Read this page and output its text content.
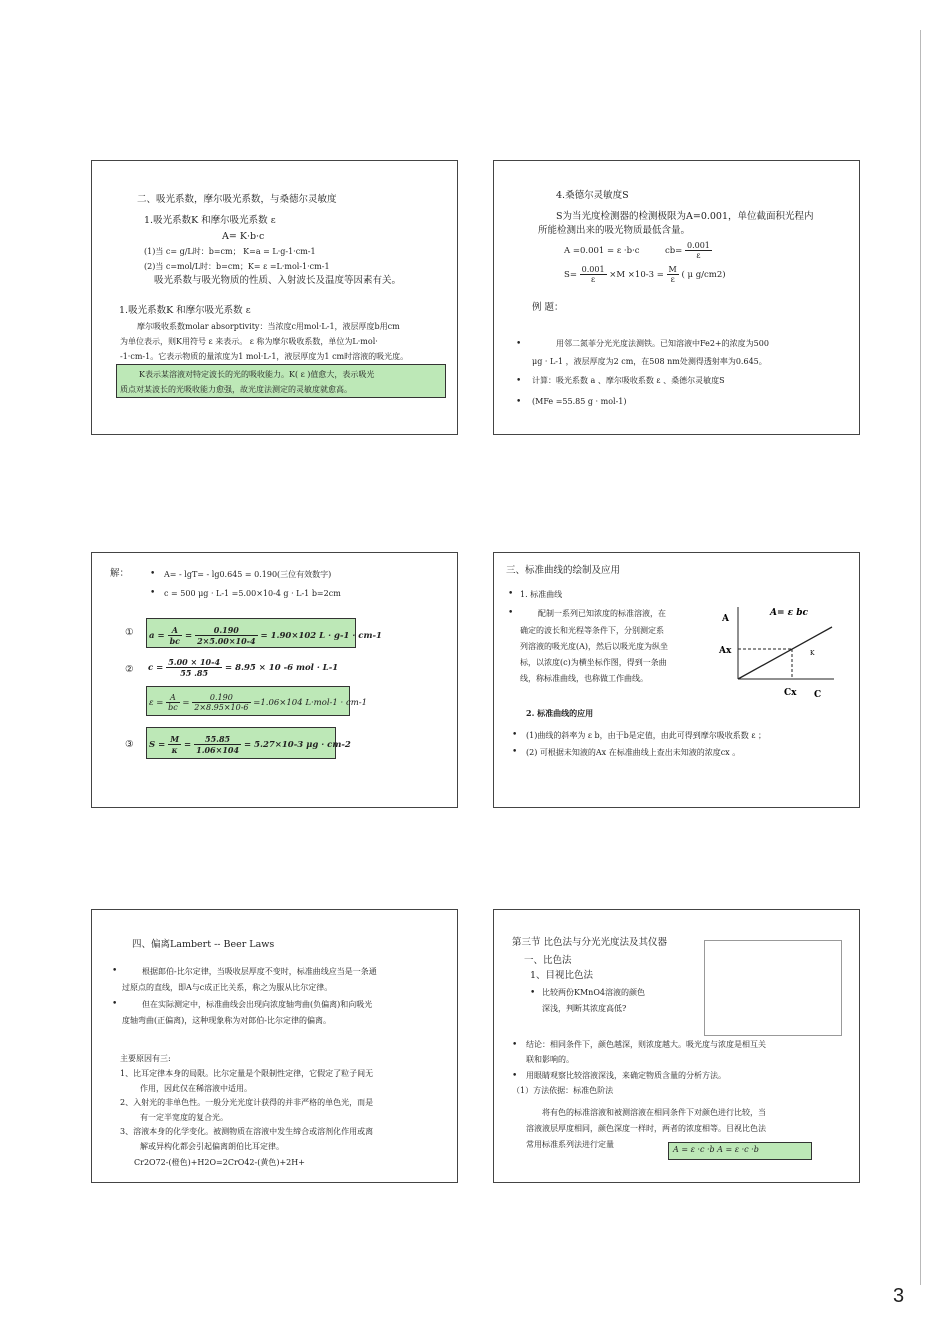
3
二、吸光系数，摩尔吸光系数，与桑德尔灵敏度
1.吸光系数K 和摩尔吸光系数 ε
A= K·b·c
(1)当 c= g/L时：b=cm； K=a = L·g-1·cm-1
(2)当 c=mol/L时：b=cm；K= ε =L·mol-1·cm-1
吸光系数与吸光物质的性质、入射波长及温度等因素有关。
1.吸光系数K 和摩尔吸光系数 ε
摩尔吸收系数molar absorptivity：当浓度c用mol·L-1，液层厚度b用cm
为单位表示，则K用符号 ε 来表示。 ε 称为摩尔吸收系数，单位为L·mol·
-1·cm-1。它表示物质的量浓度为1 mol·L-1，液层厚度为1 cm时溶液的吸光度。
K表示某溶液对特定波长的光的吸收能力。K( ε )值愈大，表示吸光
质点对某波长的光吸收能力愈强，故光度法测定的灵敏度就愈高。
4.桑德尔灵敏度S
S为当光度检测器的检测极限为A=0.001，单位截面积光程内
所能检测出来的吸光物质最低含量。
A =0.001 = ε ·b·c	$cb= \frac{0.001}{\varepsilon}$
$S= \frac{0.001}{\varepsilon} \times M \times 10-3 = \frac{M}{\varepsilon}$ ( μ g/cm2)
例 题：
•	用邻二氮菲分光光度法测铁。已知溶液中Fe2+的浓度为500
μg · L-1 ，液层厚度为2 cm，在508 nm处测得透射率为0.645。
• 计算：吸光系数 a 、摩尔吸收系数 ε 、桑德尔灵敏度S
• (MFe =55.85 g · mol-1)
解： • A= - lgT= - lg0.645 = 0.190(三位有效数字)
• c = 500 μg · L-1 =5.00×10-4 g · L-1 b=2cm
① $a = \frac{A}{bc} = \frac{0.190}{2\times 5.00\times 10-4} = 1.90\times 102$ L · g-1 · cm-1
② $c = \frac{5.00 \times 10-4}{55 .85} = 8.95 \times 10$ -6 mol · L-1
$\varepsilon = \frac{A}{bc} = \frac{0.190}{2\times 8.95\times 10-6} =1.06\times 104$ L·mol-1 · cm-1
③ $S = \frac{M}{\kappa} = \frac{55.85}{1.06\times 104} = 5.27\times 10-3$ μg · cm-2
三、标准曲线的绘制及应用
• 1. 标准曲线
•	配制一系列已知浓度的标准溶液，在
确定的波长和光程等条件下，分别测定系
列溶液的吸光度(A)，然后以吸光度为纵坐
标，以浓度(c)为横坐标作图，得到一条曲
线，称标准曲线，也称做工作曲线。
A
Ax
Cx C
K
A= ε bc
2. 标准曲线的应用
• (1)曲线的斜率为 ε b，由于b是定值，由此可得到摩尔吸收系数 ε ；
• (2) 可根据未知液的Ax 在标准曲线上查出未知液的浓度cx 。
四、偏离Lambert -- Beer Laws
•	根据郎伯-比尔定律，当吸收层厚度不变时，标准曲线应当是一条通
过原点的直线，即A与c成正比关系，称之为服从比尔定律。
•	但在实际测定中，标准曲线会出现向浓度轴弯曲(负偏离)和向吸光
度轴弯曲(正偏离)，这种现象称为对郎伯-比尔定律的偏离。
主要原因有三:
1、比耳定律本身的局限。比尔定量是个限制性定律，它假定了粒子间无
作用，因此仅在稀溶液中适用。
2、入射光的非单色性。一般分光光度计获得的并非严格的单色光，而是
有一定半宽度的复合光。
3、溶液本身的化学变化。被测物质在溶液中发生缔合或溶剂化作用或离
解或异构化都会引起偏离朗伯比耳定律。
Cr2O72-(橙色)+H2O=2CrO42-(黄色)+2H+
第三节 比色法与分光光度法及其仪器
一、比色法
1、目视比色法
• 比较两份KMnO4溶液的颜色
深浅，判断其浓度高低?
• 结论：相同条件下，颜色越深，则浓度越大。吸光度与浓度是相互关
联和影响的。
• 用眼睛观察比较溶液深浅，来确定物质含量的分析方法。
（1）方法依据：标准色阶法
将有色的标准溶液和被测溶液在相同条件下对颜色进行比较，当
溶液液层厚度相同，颜色深度一样时，两者的浓度相等。目视比色法
常用标准系列法进行定量
A = ε ·c ·b A = ε ·c ·b
